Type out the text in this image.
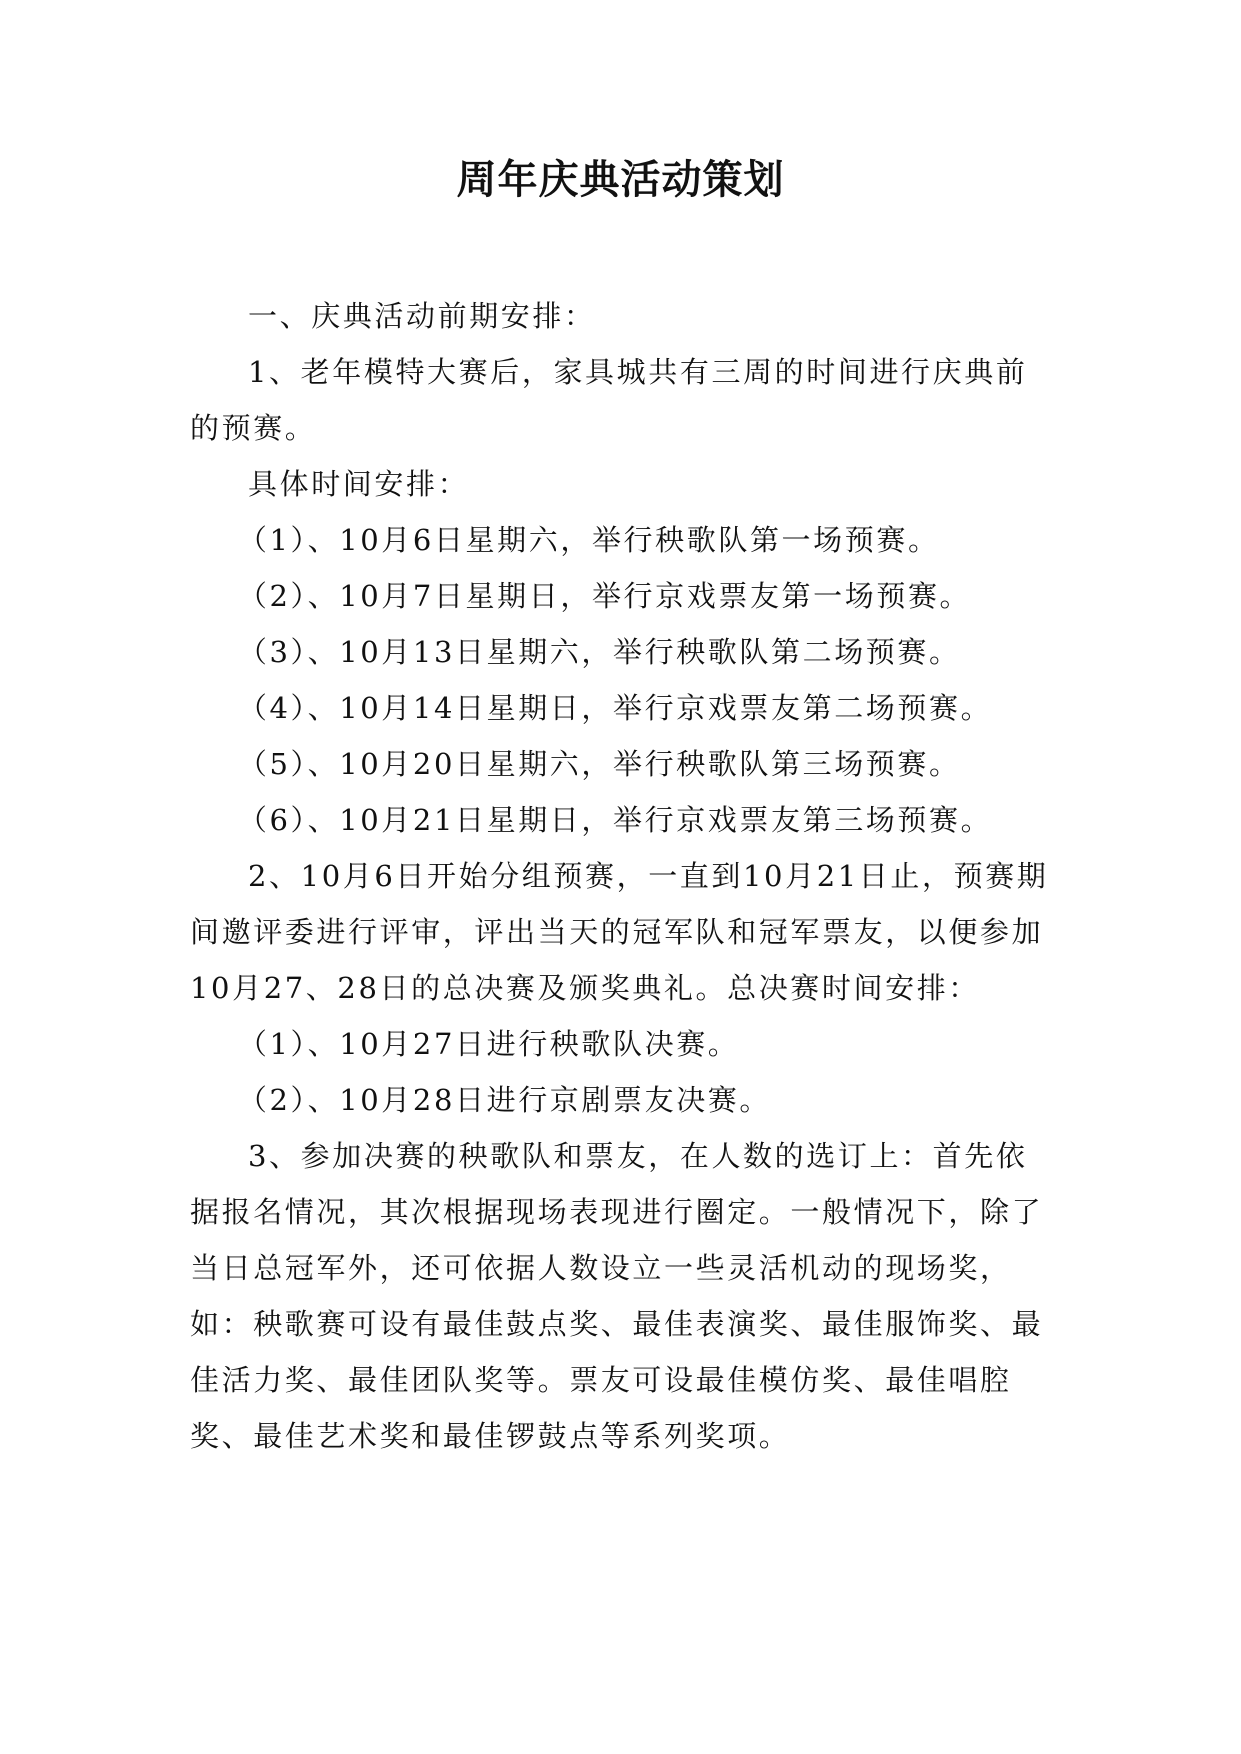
周年庆典活动策划

一、庆典活动前期安排：

1、老年模特大赛后，家具城共有三周的时间进行庆典前的预赛。

具体时间安排：

（1）、10月6日星期六，举行秧歌队第一场预赛。

（2）、10月7日星期日，举行京戏票友第一场预赛。

（3）、10月13日星期六，举行秧歌队第二场预赛。

（4）、10月14日星期日，举行京戏票友第二场预赛。

（5）、10月20日星期六，举行秧歌队第三场预赛。

（6）、10月21日星期日，举行京戏票友第三场预赛。

2、10月6日开始分组预赛，一直到10月21日止，预赛期间邀评委进行评审，评出当天的冠军队和冠军票友，以便参加10月27、28日的总决赛及颁奖典礼。总决赛时间安排：

（1）、10月27日进行秧歌队决赛。

（2）、10月28日进行京剧票友决赛。

3、参加决赛的秧歌队和票友，在人数的选订上：首先依据报名情况，其次根据现场表现进行圈定。一般情况下，除了当日总冠军外，还可依据人数设立一些灵活机动的现场奖，如：秧歌赛可设有最佳鼓点奖、最佳表演奖、最佳服饰奖、最佳活力奖、最佳团队奖等。票友可设最佳模仿奖、最佳唱腔奖、最佳艺术奖和最佳锣鼓点等系列奖项。
